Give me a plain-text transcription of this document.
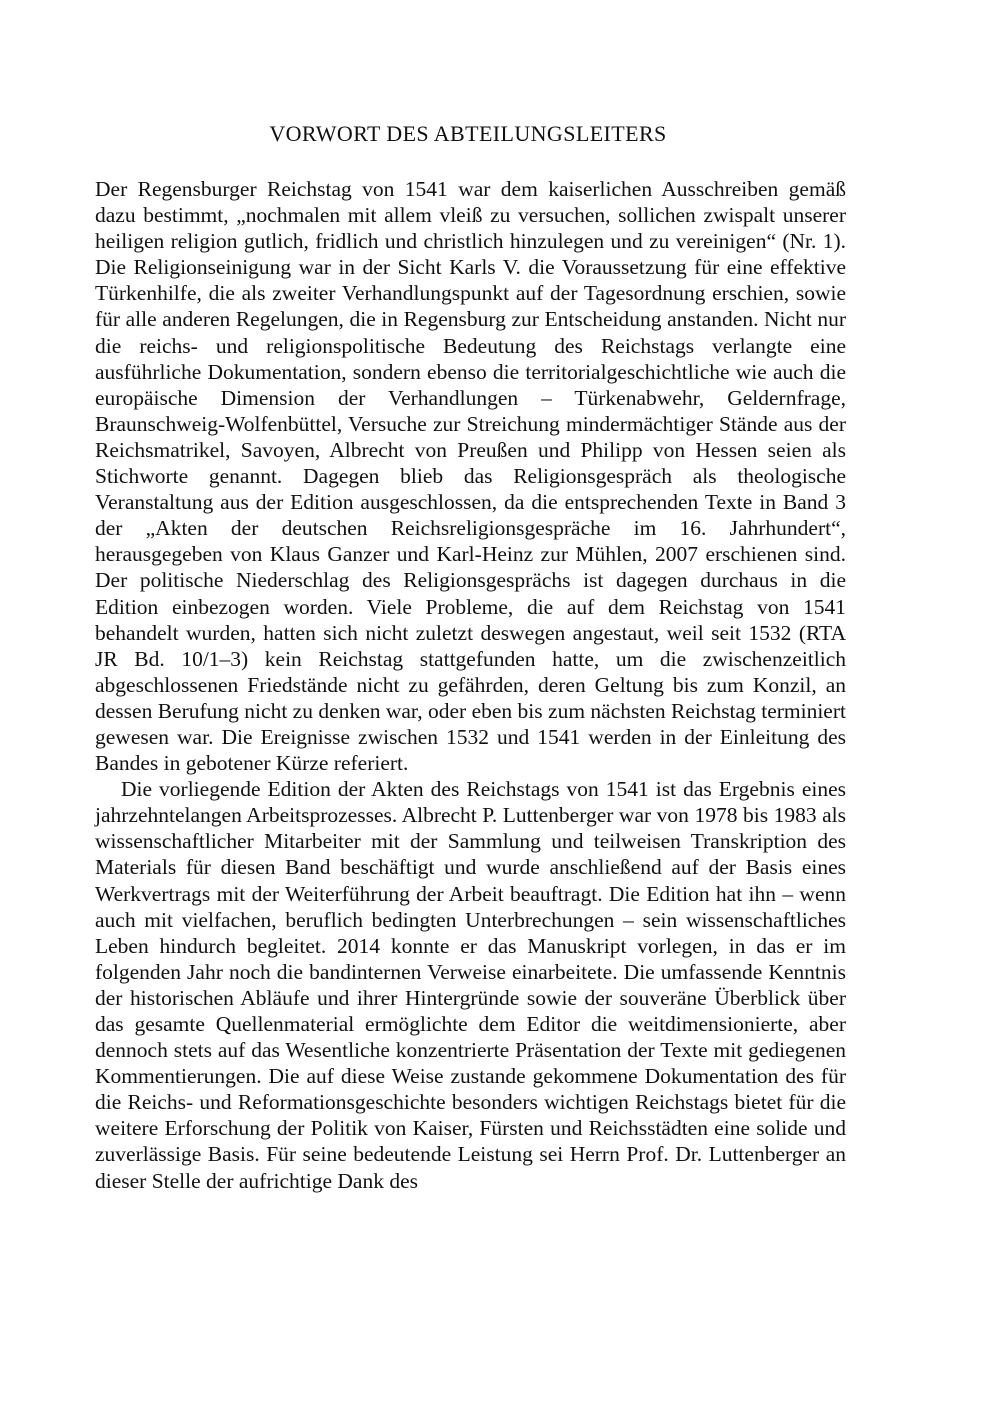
VORWORT DES ABTEILUNGSLEITERS

Der Regensburger Reichstag von 1541 war dem kaiserlichen Ausschreiben gemäß dazu bestimmt, „nochmalen mit allem vleiß zu versuchen, sollichen zwispalt unserer heiligen religion gutlich, fridlich und christlich hinzulegen und zu vereinigen“ (Nr. 1). Die Religionseinigung war in der Sicht Karls V. die Voraussetzung für eine effektive Türkenhilfe, die als zweiter Verhandlungspunkt auf der Tagesordnung erschien, sowie für alle anderen Regelungen, die in Regensburg zur Entscheidung anstanden. Nicht nur die reichs- und religionspolitische Bedeutung des Reichstags verlangte eine ausführliche Dokumentation, sondern ebenso die territorialgeschichtliche wie auch die europäische Dimension der Verhandlungen – Türkenabwehr, Geldernfrage, Braunschweig-Wolfenbüttel, Versuche zur Streichung mindermächtiger Stände aus der Reichsmatrikel, Savoyen, Albrecht von Preußen und Philipp von Hessen seien als Stichworte genannt. Dagegen blieb das Religionsgespräch als theologische Veranstaltung aus der Edition ausgeschlossen, da die entsprechenden Texte in Band 3 der „Akten der deutschen Reichsreligionsgespräche im 16. Jahrhundert“, herausgegeben von Klaus Ganzer und Karl-Heinz zur Mühlen, 2007 erschienen sind. Der politische Niederschlag des Religionsgesprächs ist dagegen durchaus in die Edition einbezogen worden. Viele Probleme, die auf dem Reichstag von 1541 behandelt wurden, hatten sich nicht zuletzt deswegen angestaut, weil seit 1532 (RTA JR Bd. 10/1–3) kein Reichstag stattgefunden hatte, um die zwischenzeitlich abgeschlossenen Friedstände nicht zu gefährden, deren Geltung bis zum Konzil, an dessen Berufung nicht zu denken war, oder eben bis zum nächsten Reichstag terminiert gewesen war. Die Ereignisse zwischen 1532 und 1541 werden in der Einleitung des Bandes in gebotener Kürze referiert.

Die vorliegende Edition der Akten des Reichstags von 1541 ist das Ergebnis eines jahrzehntelangen Arbeitsprozesses. Albrecht P. Luttenberger war von 1978 bis 1983 als wissenschaftlicher Mitarbeiter mit der Sammlung und teilweisen Transkription des Materials für diesen Band beschäftigt und wurde anschließend auf der Basis eines Werkvertrags mit der Weiterführung der Arbeit beauftragt. Die Edition hat ihn – wenn auch mit vielfachen, beruflich bedingten Unterbrechungen – sein wissenschaftliches Leben hindurch begleitet. 2014 konnte er das Manuskript vorlegen, in das er im folgenden Jahr noch die bandinternen Verweise einarbeitete. Die umfassende Kenntnis der historischen Abläufe und ihrer Hintergründe sowie der souveräne Überblick über das gesamte Quellenmaterial ermöglichte dem Editor die weitdimensionierte, aber dennoch stets auf das Wesentliche konzentrierte Präsentation der Texte mit gediegenen Kommentierungen. Die auf diese Weise zustande gekommene Dokumentation des für die Reichs- und Reformationsgeschichte besonders wichtigen Reichstags bietet für die weitere Erforschung der Politik von Kaiser, Fürsten und Reichsstädten eine solide und zuverlässige Basis. Für seine bedeutende Leistung sei Herrn Prof. Dr. Luttenberger an dieser Stelle der aufrichtige Dank des
